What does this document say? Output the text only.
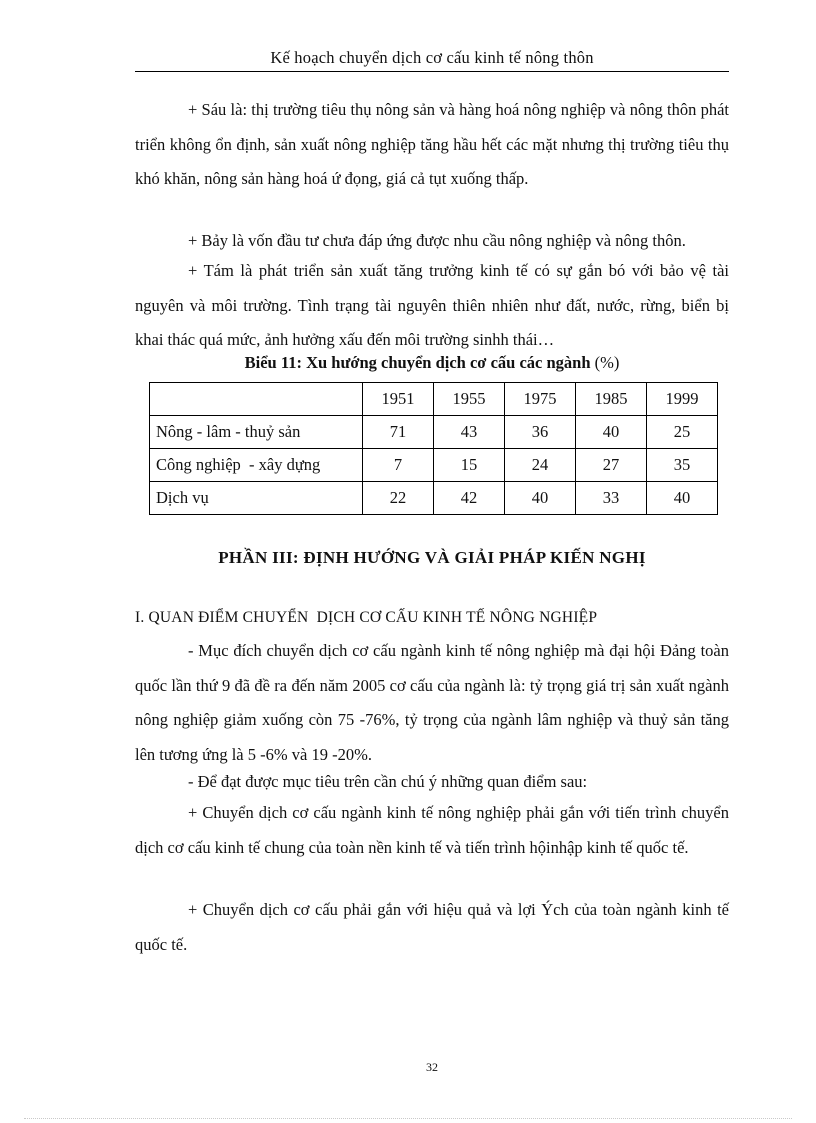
Kế hoạch chuyển dịch cơ cấu kinh tế nông thôn

+ Sáu là: thị trường tiêu thụ nông sản và hàng hoá nông nghiệp và nông thôn phát triển không ổn định, sản xuất nông nghiệp tăng hầu hết các mặt nhưng thị trường tiêu thụ khó khăn, nông sản hàng hoá ứ đọng, giá cả tụt xuống thấp.

+ Bảy là vốn đầu tư chưa đáp ứng được nhu cầu nông nghiệp và nông thôn.

+ Tám là phát triển sản xuất tăng trưởng kinh tế có sự gắn bó với bảo vệ tài nguyên và môi trường. Tình trạng tài nguyên thiên nhiên như đất, nước, rừng, biển bị khai thác quá mức, ảnh hưởng xấu đến môi trường sinhh thái…

Biểu 11: Xu hướng chuyển dịch cơ cấu các ngành (%)
	1951	1955	1975	1985	1999
Nông - lâm - thuỷ sản	71	43	36	40	25
Công nghiệp  - xây dựng	7	15	24	27	35
Dịch vụ	22	42	40	33	40
PHẦN III: ĐỊNH HƯỚNG VÀ GIẢI PHÁP KIẾN NGHỊ
I. QUAN ĐIỂM CHUYỂN  DỊCH CƠ CẤU KINH TẾ NÔNG NGHIỆP

- Mục đích chuyển dịch cơ cấu ngành kinh tế nông nghiệp mà đại hội Đảng toàn quốc lần thứ 9 đã đề ra đến năm 2005 cơ cấu của ngành là: tỷ trọng giá trị sản xuất ngành nông nghiệp giảm xuống còn 75 -76%, tỷ trọng của ngành lâm nghiệp và thuỷ sản tăng lên tương ứng là 5 -6% và 19 -20%.

- Để đạt được mục tiêu trên cần chú ý những quan điểm sau:

+ Chuyển dịch cơ cấu ngành kinh tế nông nghiệp phải gắn với tiến trình chuyển dịch cơ cấu kinh tế chung của toàn nền kinh tế và tiến trình hộinhập kinh tế quốc tế.

+ Chuyển dịch cơ cấu phải gắn với hiệu quả và lợi Ých của toàn ngành kinh tế quốc tế.

32
